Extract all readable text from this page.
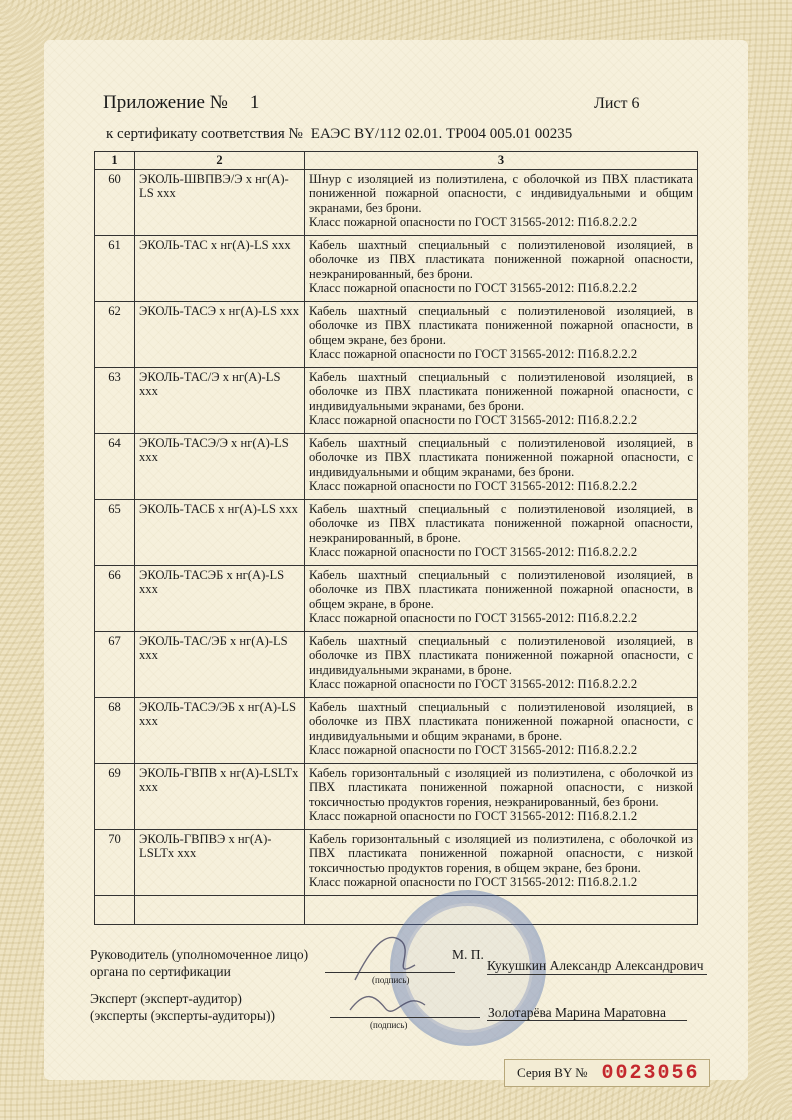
Приложение № 1	Лист 6
к сертификату соответствия № ЕАЭС BY/112 02.01. ТР004 005.01 00235
1	2	3
60	ЭКОЛЬ-ШВПВЭ/Э х нг(А)-LS ххх	Шнур с изоляцией из полиэтилена, с оболочкой из ПВХ пластиката пониженной пожарной опасности, с индивидуальными и общим экранами, без брони.
Класс пожарной опасности по ГОСТ 31565-2012: П1б.8.2.2.2

61	ЭКОЛЬ-ТАС х нг(А)-LS ххх	Кабель шахтный специальный с полиэтиленовой изоляцией, в оболочке из ПВХ пластиката пониженной пожарной опасности, неэкранированный, без брони.
Класс пожарной опасности по ГОСТ 31565-2012: П1б.8.2.2.2

62	ЭКОЛЬ-ТАСЭ х нг(А)-LS ххх	Кабель шахтный специальный с полиэтиленовой изоляцией, в оболочке из ПВХ пластиката пониженной пожарной опасности, в общем экране, без брони.
Класс пожарной опасности по ГОСТ 31565-2012: П1б.8.2.2.2

63	ЭКОЛЬ-ТАС/Э х нг(А)-LS ххх	Кабель шахтный специальный с полиэтиленовой изоляцией, в оболочке из ПВХ пластиката пониженной пожарной опасности, с индивидуальными экранами, без брони.
Класс пожарной опасности по ГОСТ 31565-2012: П1б.8.2.2.2

64	ЭКОЛЬ-ТАСЭ/Э х нг(А)-LS ххх	Кабель шахтный специальный с полиэтиленовой изоляцией, в оболочке из ПВХ пластиката пониженной пожарной опасности, с индивидуальными и общим экранами, без брони.
Класс пожарной опасности по ГОСТ 31565-2012: П1б.8.2.2.2

65	ЭКОЛЬ-ТАСБ х нг(А)-LS ххх	Кабель шахтный специальный с полиэтиленовой изоляцией, в оболочке из ПВХ пластиката пониженной пожарной опасности, неэкранированный, в броне.
Класс пожарной опасности по ГОСТ 31565-2012: П1б.8.2.2.2

66	ЭКОЛЬ-ТАСЭБ х нг(А)-LS ххх	Кабель шахтный специальный с полиэтиленовой изоляцией, в оболочке из ПВХ пластиката пониженной пожарной опасности, в общем экране, в броне.
Класс пожарной опасности по ГОСТ 31565-2012: П1б.8.2.2.2

67	ЭКОЛЬ-ТАС/ЭБ х нг(А)-LS ххх	Кабель шахтный специальный с полиэтиленовой изоляцией, в оболочке из ПВХ пластиката пониженной пожарной опасности, с индивидуальными экранами, в броне.
Класс пожарной опасности по ГОСТ 31565-2012: П1б.8.2.2.2

68	ЭКОЛЬ-ТАСЭ/ЭБ х нг(А)-LS ххх	Кабель шахтный специальный с полиэтиленовой изоляцией, в оболочке из ПВХ пластиката пониженной пожарной опасности, с индивидуальными и общим экранами, в броне.
Класс пожарной опасности по ГОСТ 31565-2012: П1б.8.2.2.2

69	ЭКОЛЬ-ГВПВ х нг(А)-LSLTх ххх	Кабель горизонтальный с изоляцией из полиэтилена, с оболочкой из ПВХ пластиката пониженной пожарной опасности, с низкой токсичностью продуктов горения, неэкранированный, без брони.
Класс пожарной опасности по ГОСТ 31565-2012: П1б.8.2.1.2

70	ЭКОЛЬ-ГВПВЭ х нг(А)-LSLTх ххх	Кабель горизонтальный с изоляцией из полиэтилена, с оболочкой из ПВХ пластиката пониженной пожарной опасности, с низкой токсичностью продуктов горения, в общем экране, без брони.
Класс пожарной опасности по ГОСТ 31565-2012: П1б.8.2.1.2

Руководитель (уполномоченное лицо)
органа по сертификации
М. П.
(подпись)
Кукушкин Александр Александрович
Эксперт (эксперт-аудитор)
(эксперты (эксперты-аудиторы))
(подпись)
Золотарёва Марина Маратовна
Серия BY № 0023056
